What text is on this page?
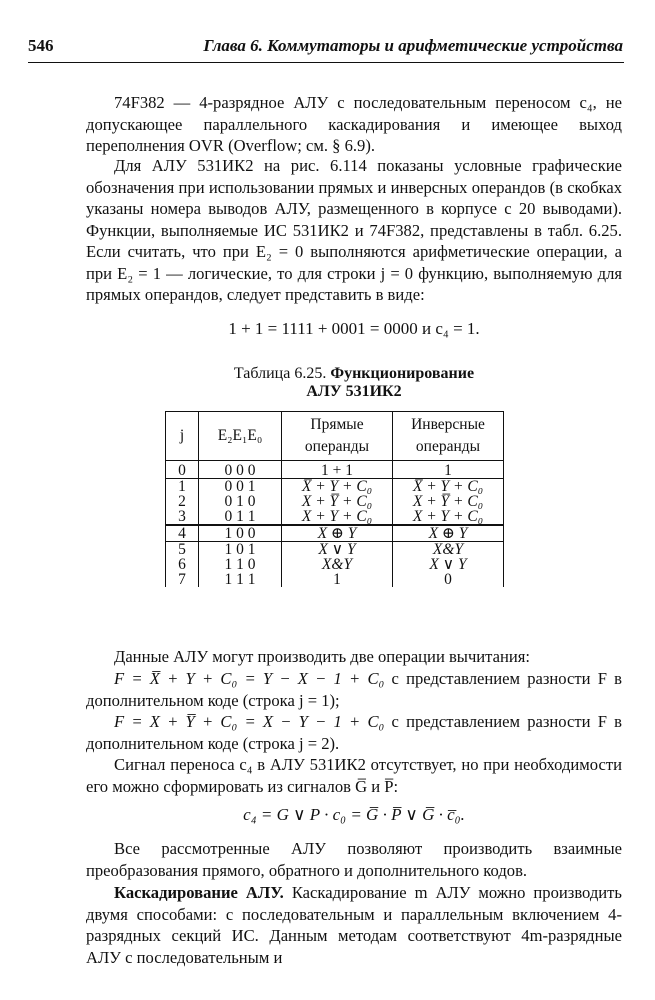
546	Глава 6. Коммутаторы и арифметические устройства

74F382 — 4-разрядное АЛУ с последовательным переносом c₄, не допускающее параллельного каскадирования и имеющее выход переполнения OVR (Overflow; см. § 6.9).

Для АЛУ 531ИК2 на рис. 6.114 показаны условные графические обозначения при использовании прямых и инверсных операндов (в скобках указаны номера выводов АЛУ, размещенного в корпусе с 20 выводами). Функции, выполняемые ИС 531ИК2 и 74F382, представлены в табл. 6.25. Если считать, что при E₂ = 0 выполняются арифметические операции, а при E₂ = 1 — логические, то для строки j = 0 функцию, выполняемую для прямых операндов, следует представить в виде:

1 + 1 = 1111 + 0001 = 0000 и c₄ = 1.
Таблица 6.25. Функционирование
АЛУ 531ИК2
j	E₂E₁E₀	Прямые операнды	Инверсные операнды
0	0 0 0	1 + 1	1
1	0 0 1	X̅ + Y + C₀	X̅ + Y + C₀
2	0 1 0	X + Y̅ + C₀	X + Y̅ + C₀
3	0 1 1	X + Y + C₀	X + Y + C₀
4	1 0 0	X ⊕ Y	X ⊕ Y
5	1 0 1	X ∨ Y	X&Y
6	1 1 0	X&Y	X ∨ Y
7	1 1 1	1	0

Данные АЛУ могут производить две операции вычитания:

F = X̅ + Y + C₀ = Y − X − 1 + C₀ с представлением разности F в дополнительном коде (строка j = 1);

F = X + Y̅ + C₀ = X − Y − 1 + C₀ с представлением разности F в дополнительном коде (строка j = 2).

Сигнал переноса c₄ в АЛУ 531ИК2 отсутствует, но при необходимости его можно сформировать из сигналов G̅ и P̅:

c₄ = G ∨ P · c₀ = G̅ · P̅ ∨ G̅ · c̅₀.

Все рассмотренные АЛУ позволяют производить взаимные преобразования прямого, обратного и дополнительного кодов.

Каскадирование АЛУ. Каскадирование m АЛУ можно производить двумя способами: с последовательным и параллельным включением 4-разрядных секций ИС. Данным методам соответствуют 4m-разрядные АЛУ с последовательным и
